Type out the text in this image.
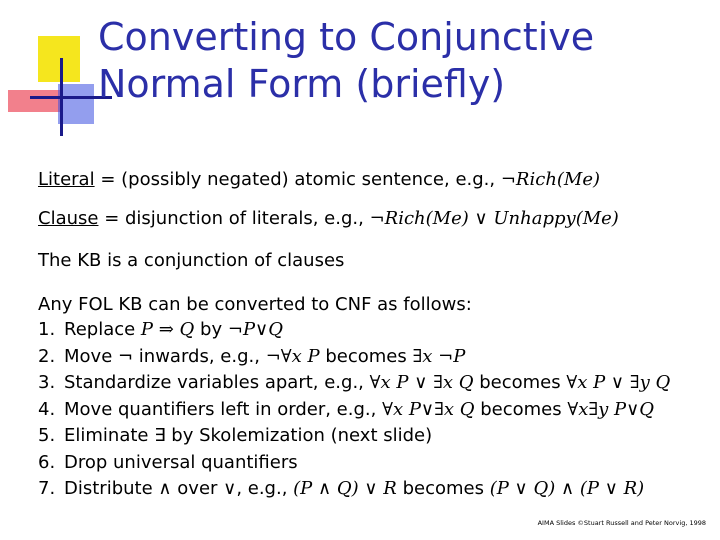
Converting to Conjunctive
Normal Form (briefly)
Literal = (possibly negated) atomic sentence, e.g., ¬Rich(Me)
Clause = disjunction of literals, e.g., ¬Rich(Me) ∨ Unhappy(Me)
The KB is a conjunction of clauses
Any FOL KB can be converted to CNF as follows:
1. Replace P ⇒ Q by ¬P∨Q
2. Move ¬ inwards, e.g., ¬∀x P becomes ∃x ¬P
3. Standardize variables apart, e.g., ∀x P ∨ ∃x Q becomes ∀x P ∨ ∃y Q
4. Move quantifiers left in order, e.g., ∀x P∨∃x Q becomes ∀x∃y P∨Q
5. Eliminate ∃ by Skolemization (next slide)
6. Drop universal quantifiers
7. Distribute ∧ over ∨, e.g., (P ∧ Q) ∨ R becomes (P ∨ Q) ∧ (P ∨ R)
AIMA Slides ©Stuart Russell and Peter Norvig, 1998
